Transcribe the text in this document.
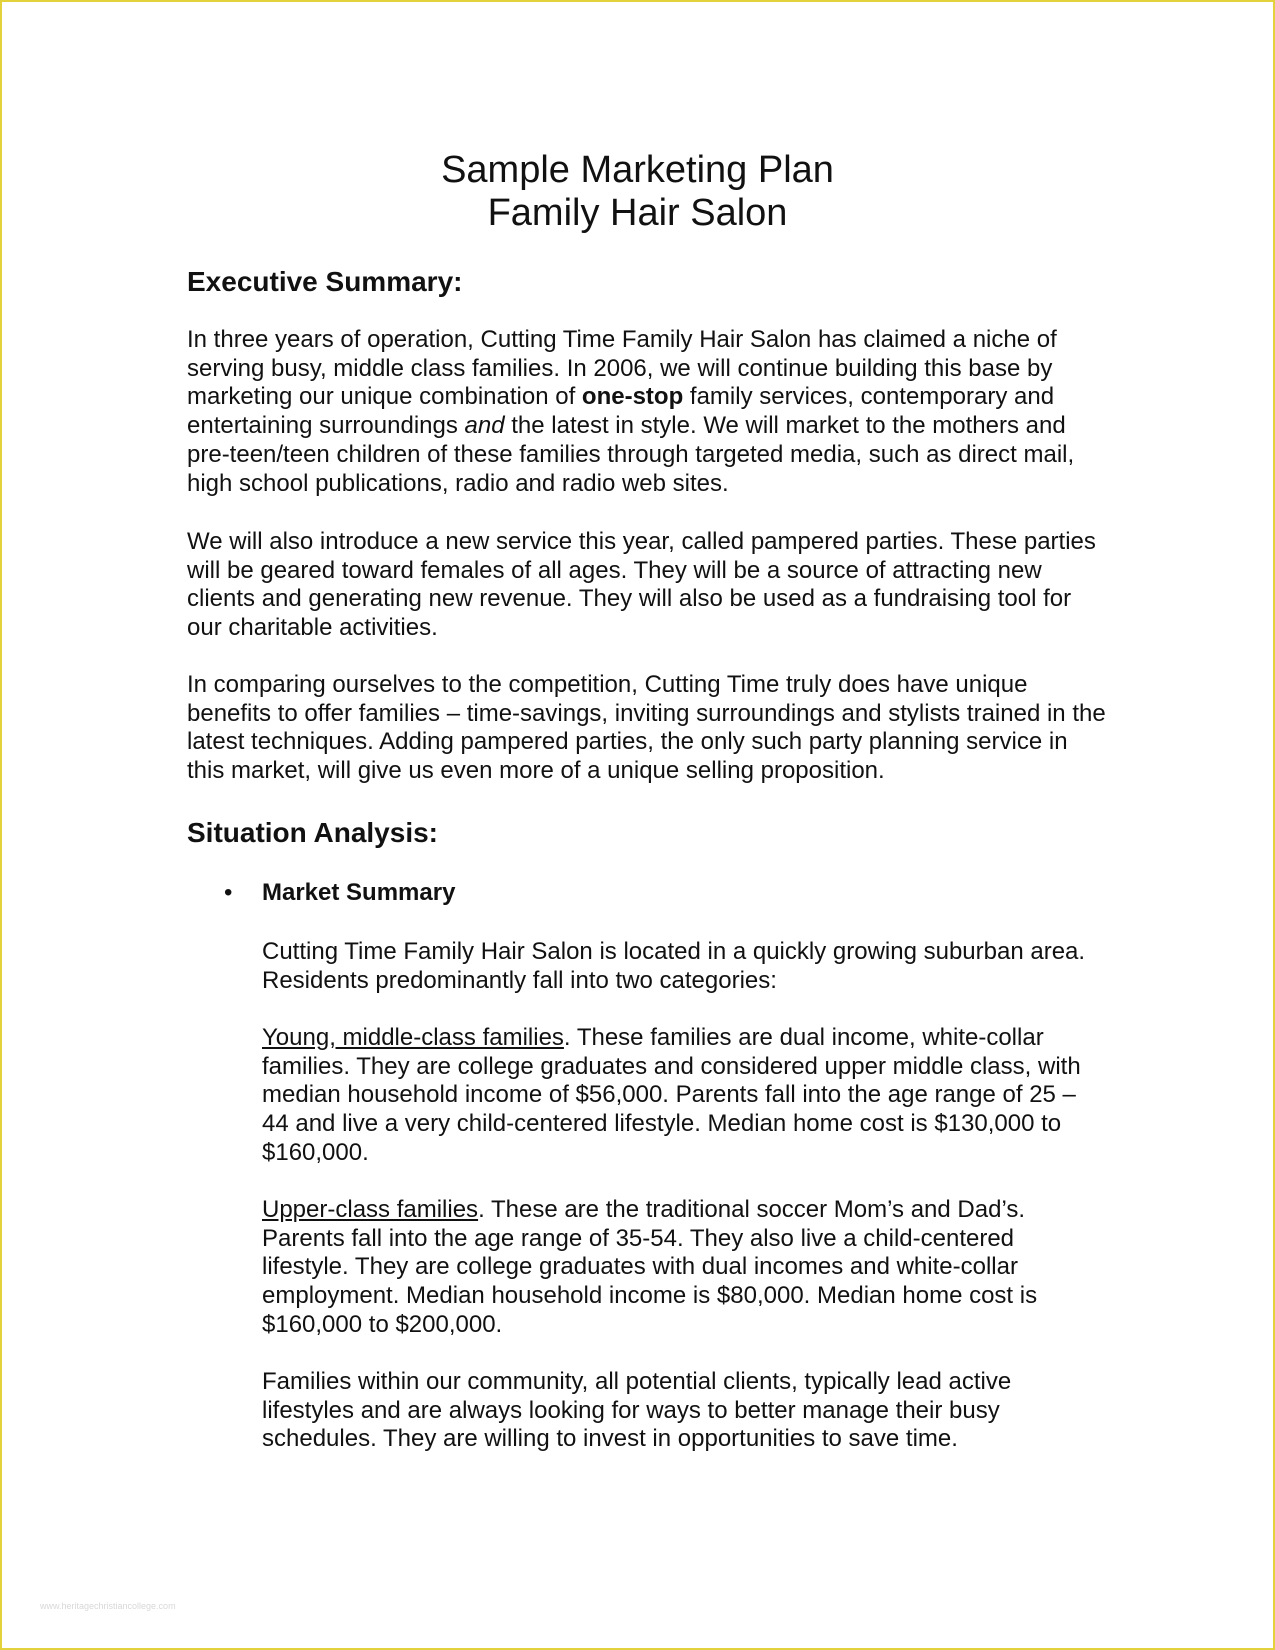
Sample Marketing Plan
Family Hair Salon
Executive Summary:

In three years of operation, Cutting Time Family Hair Salon has claimed a niche of serving busy, middle class families. In 2006, we will continue building this base by marketing our unique combination of one-stop family services, contemporary and entertaining surroundings and the latest in style. We will market to the mothers and pre-teen/teen children of these families through targeted media, such as direct mail, high school publications, radio and radio web sites.

We will also introduce a new service this year, called pampered parties. These parties will be geared toward females of all ages. They will be a source of attracting new clients and generating new revenue. They will also be used as a fundraising tool for our charitable activities.

In comparing ourselves to the competition, Cutting Time truly does have unique benefits to offer families – time-savings, inviting surroundings and stylists trained in the latest techniques. Adding pampered parties, the only such party planning service in this market, will give us even more of a unique selling proposition.

Situation Analysis:
•	Market Summary

Cutting Time Family Hair Salon is located in a quickly growing suburban area. Residents predominantly fall into two categories:

Young, middle-class families. These families are dual income, white-collar families. They are college graduates and considered upper middle class, with median household income of $56,000. Parents fall into the age range of 25 – 44 and live a very child-centered lifestyle. Median home cost is $130,000 to $160,000.

Upper-class families. These are the traditional soccer Mom’s and Dad’s. Parents fall into the age range of 35-54. They also live a child-centered lifestyle. They are college graduates with dual incomes and white-collar employment. Median household income is $80,000. Median home cost is $160,000 to $200,000.

Families within our community, all potential clients, typically lead active lifestyles and are always looking for ways to better manage their busy schedules. They are willing to invest in opportunities to save time.

www.heritagechristiancollege.com
